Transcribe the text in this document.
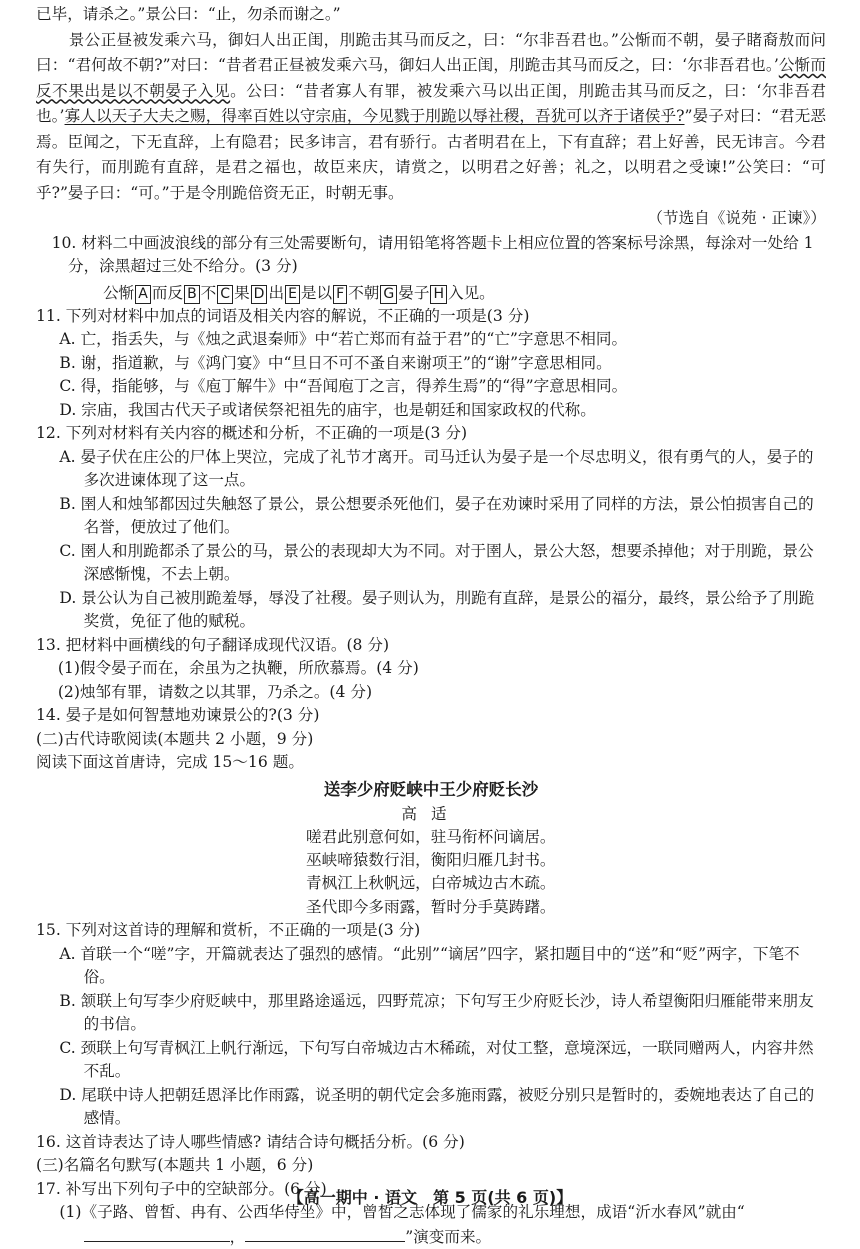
已毕，请杀之。”景公曰：“止，勿杀而谢之。”

景公正昼被发乘六马，御妇人出正闺，刖跪击其马而反之，曰：“尔非吾君也。”公惭而不朝，晏子睹裔敖而问曰：“君何故不朝?”对曰：“昔者君正昼被发乘六马，御妇人出正闺，刖跪击其马而反之，曰：‘尔非吾君也。’公惭而反不果出是以不朝晏子入见。公曰：“昔者寡人有罪，被发乘六马以出正闺，刖跪击其马而反之，曰：‘尔非吾君也。’寡人以天子大夫之赐，得率百姓以守宗庙，今见戮于刖跪以辱社稷，吾犹可以齐于诸侯乎?”晏子对曰：“君无恶焉。臣闻之，下无直辞，上有隐君；民多讳言，君有骄行。古者明君在上，下有直辞；君上好善，民无讳言。今君有失行，而刖跪有直辞，是君之福也，故臣来庆，请赏之，以明君之好善；礼之，以明君之受谏!”公笑曰：“可乎?”晏子曰：“可。”于是令刖跪倍资无正，时朝无事。

（节选自《说苑 · 正谏》）

10. 材料二中画波浪线的部分有三处需要断句，请用铅笔将答题卡上相应位置的答案标号涂黑，每涂对一处给 1 分，涂黑超过三处不给分。(3 分)

公惭 A 而反 B 不 C 果 D 出 E 是以 F 不朝 G 晏子 H 入见。

11. 下列对材料中加点的词语及相关内容的解说，不正确的一项是(3 分)

A. 亡，指丢失，与《烛之武退秦师》中“若亡郑而有益于君”的“亡”字意思不相同。

B. 谢，指道歉，与《鸿门宴》中“旦日不可不蚤自来谢项王”的“谢”字意思相同。

C. 得，指能够，与《庖丁解牛》中“吾闻庖丁之言，得养生焉”的“得”字意思相同。

D. 宗庙，我国古代天子或诸侯祭祀祖先的庙宇，也是朝廷和国家政权的代称。

12. 下列对材料有关内容的概述和分析，不正确的一项是(3 分)

A. 晏子伏在庄公的尸体上哭泣，完成了礼节才离开。司马迁认为晏子是一个尽忠明义，很有勇气的人，晏子的多次进谏体现了这一点。

B. 圉人和烛邹都因过失触怒了景公，景公想要杀死他们，晏子在劝谏时采用了同样的方法，景公怕损害自己的名誉，便放过了他们。

C. 圉人和刖跪都杀了景公的马，景公的表现却大为不同。对于圉人，景公大怒，想要杀掉他；对于刖跪，景公深感惭愧，不去上朝。

D. 景公认为自己被刖跪羞辱，辱没了社稷。晏子则认为，刖跪有直辞，是景公的福分，最终，景公给予了刖跪奖赏，免征了他的赋税。

13. 把材料中画横线的句子翻译成现代汉语。(8 分)

(1)假令晏子而在，余虽为之执鞭，所欣慕焉。(4 分)

(2)烛邹有罪，请数之以其罪，乃杀之。(4 分)

14. 晏子是如何智慧地劝谏景公的?(3 分)

(二)古代诗歌阅读(本题共 2 小题，9 分)

阅读下面这首唐诗，完成 15～16 题。

送李少府贬峡中王少府贬长沙

高适

嗟君此别意何如，驻马衔杯问谪居。

巫峡啼猿数行泪，衡阳归雁几封书。

青枫江上秋帆远，白帝城边古木疏。

圣代即今多雨露，暂时分手莫踌躇。

15. 下列对这首诗的理解和赏析，不正确的一项是(3 分)

A. 首联一个“嗟”字，开篇就表达了强烈的感情。“此别”“谪居”四字，紧扣题目中的“送”和“贬”两字，下笔不俗。

B. 颔联上句写李少府贬峡中，那里路途遥远，四野荒凉；下句写王少府贬长沙，诗人希望衡阳归雁能带来朋友的书信。

C. 颈联上句写青枫江上帆行渐远，下句写白帝城边古木稀疏，对仗工整，意境深远，一联同赠两人，内容井然不乱。

D. 尾联中诗人把朝廷恩泽比作雨露，说圣明的朝代定会多施雨露，被贬分别只是暂时的，委婉地表达了自己的感情。

16. 这首诗表达了诗人哪些情感? 请结合诗句概括分析。(6 分)

(三)名篇名句默写(本题共 1 小题，6 分)

17. 补写出下列句子中的空缺部分。(6 分)

(1)《子路、曾皙、冉有、公西华侍坐》中，曾皙之志体现了儒家的礼乐理想，成语“沂水春风”就由“，	”演变而来。

【高一期中 · 语文　第 5 页(共 6 页)】
